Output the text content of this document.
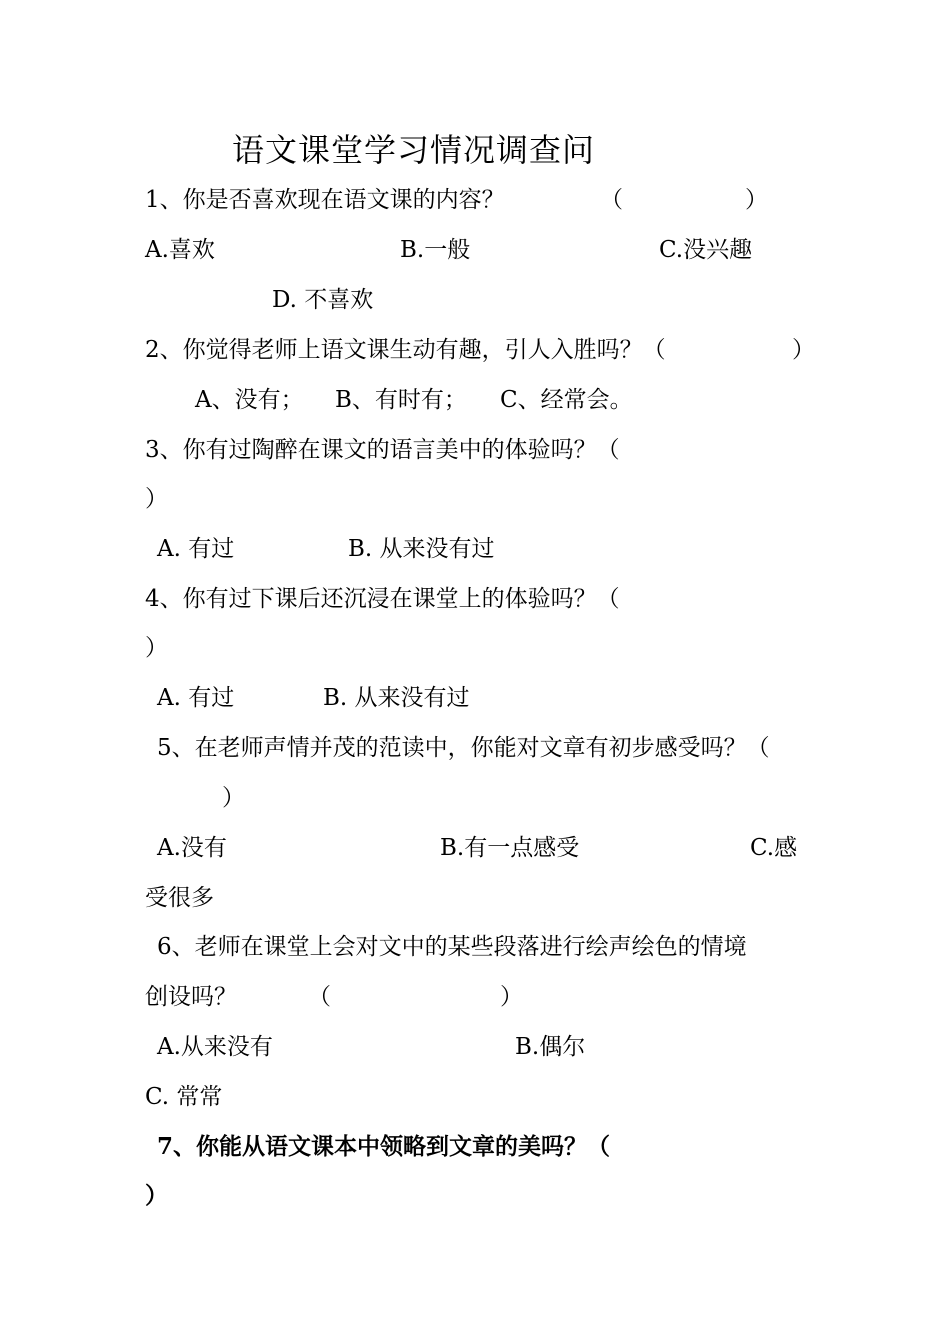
语文课堂学习情况调查问
1、你是否喜欢现在语文课的内容？	（	）
A.喜欢	B.一般	C.没兴趣
D. 不喜欢
2、你觉得老师上语文课生动有趣，引人入胜吗？（	）
A、没有； B、有时有； C、经常会。
3、你有过陶醉在课文的语言美中的体验吗？（
）
A. 有过	B. 从来没有过
4、你有过下课后还沉浸在课堂上的体验吗？（
）
A. 有过	B. 从来没有过
5、在老师声情并茂的范读中，你能对文章有初步感受吗？（
）
A.没有	B.有一点感受	C.感
受很多
6、老师在课堂上会对文中的某些段落进行绘声绘色的情境
创设吗？	（	）
A.从来没有	B.偶尔
C. 常常
7、你能从语文课本中领略到文章的美吗？（
）
